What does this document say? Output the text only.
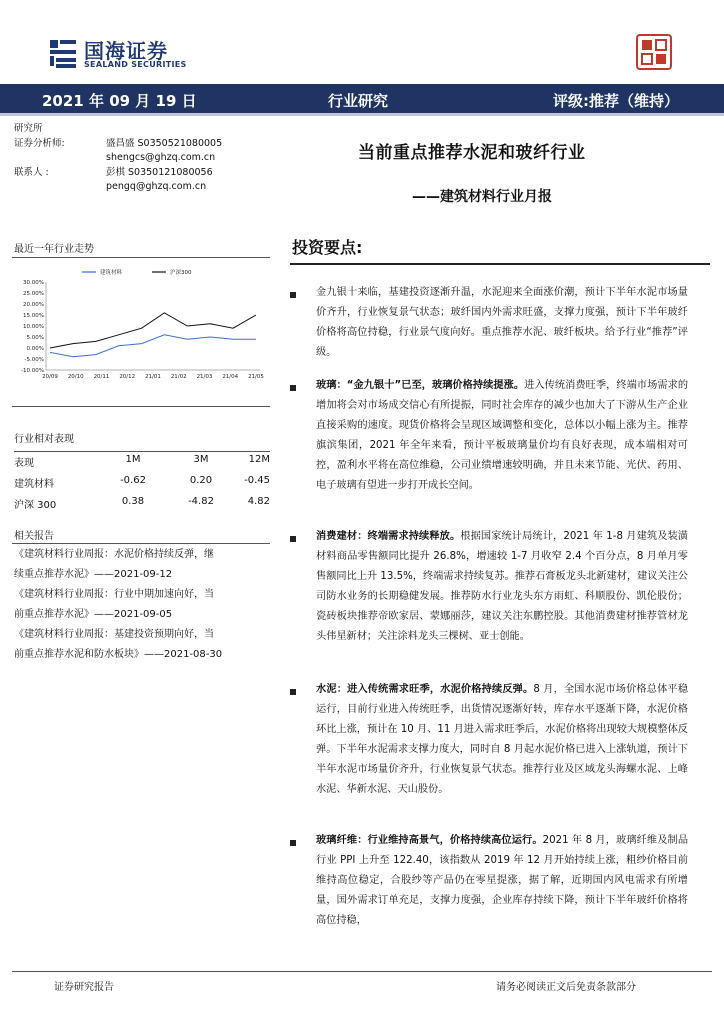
国海证券
SEALAND SECURITIES
2021 年 09 月 19 日	行业研究	评级:推荐（维持）
研究所
证券分析师:	盛昌盛 S0350521080005
shengcs@ghzq.com.cn
联系人 :	彭棋 S0350121080056
pengq@ghzq.com.cn
当前重点推荐水泥和玻纤行业
——建筑材料行业月报
最近一年行业走势
30.00%
25.00%
20.00%
15.00%
10.00%
5.00%
0.00%
-5.00%
-10.00%
20/09 20/10 20/11 20/12 21/01 21/02 21/03 21/04 21/05
建筑材料	沪深300
行业相对表现
表现	1M	3M	12M
建筑材料	-0.62	0.20	-0.45
沪深 300	0.38	-4.82	4.82
相关报告
《建筑材料行业周报：水泥价格持续反弹，继
续重点推荐水泥》——2021-09-12
《建筑材料行业周报：行业中期加速向好，当
前重点推荐水泥》——2021-09-05
《建筑材料行业周报：基建投资预期向好，当
前重点推荐水泥和防水板块》——2021-08-30
投资要点:
金九银十来临，基建投资逐渐升温，水泥迎来全面涨价潮，预计下半年水泥市场量价齐升，行业恢复景气状态；玻纤国内外需求旺盛，支撑力度强，预计下半年玻纤价格将高位持稳，行业景气度向好。重点推荐水泥、玻纤板块。给予行业“推荐”评级。
玻璃：“金九银十”已至，玻璃价格持续提涨。进入传统消费旺季，终端市场需求的增加将会对市场成交信心有所提振，同时社会库存的减少也加大了下游从生产企业直接采购的速度。现货价格将会呈现区域调整和变化，总体以小幅上涨为主。推荐旗滨集团，2021 年全年来看，预计平板玻璃量价均有良好表现，成本端相对可控，盈利水平将在高位维稳，公司业绩增速较明确，并且未来节能、光伏、药用、电子玻璃有望进一步打开成长空间。
消费建材：终端需求持续释放。根据国家统计局统计，2021 年 1-8 月建筑及装潢材料商品零售额同比提升 26.8%，增速较 1-7 月收窄 2.4 个百分点，8 月单月零售额同比上升 13.5%，终端需求持续复苏。推荐石膏板龙头北新建材，建议关注公司防水业务的长期稳健发展。推荐防水行业龙头东方雨虹、科顺股份、凯伦股份；瓷砖板块推荐帝欧家居、蒙娜丽莎，建议关注东鹏控股。其他消费建材推荐管材龙头伟星新材；关注涂料龙头三棵树、亚士创能。
水泥：进入传统需求旺季，水泥价格持续反弹。8 月，全国水泥市场价格总体平稳运行，目前行业进入传统旺季，出货情况逐渐好转，库存水平逐渐下降，水泥价格环比上涨，预计在 10 月、11 月进入需求旺季后，水泥价格将出现较大规模整体反弹。下半年水泥需求支撑力度大，同时自 8 月起水泥价格已进入上涨轨道，预计下半年水泥市场量价齐升，行业恢复景气状态。推荐行业及区域龙头海螺水泥、上峰水泥、华新水泥、天山股份。
玻璃纤维：行业维持高景气，价格持续高位运行。2021 年 8 月，玻璃纤维及制品行业 PPI 上升至 122.40，该指数从 2019 年 12 月开始持续上涨，粗纱价格目前维持高位稳定，合股纱等产品仍在零星提涨，据了解，近期国内风电需求有所增量，国外需求订单充足，支撑力度强，企业库存持续下降，预计下半年玻纤价格将高位持稳，
证券研究报告	请务必阅读正文后免责条款部分
